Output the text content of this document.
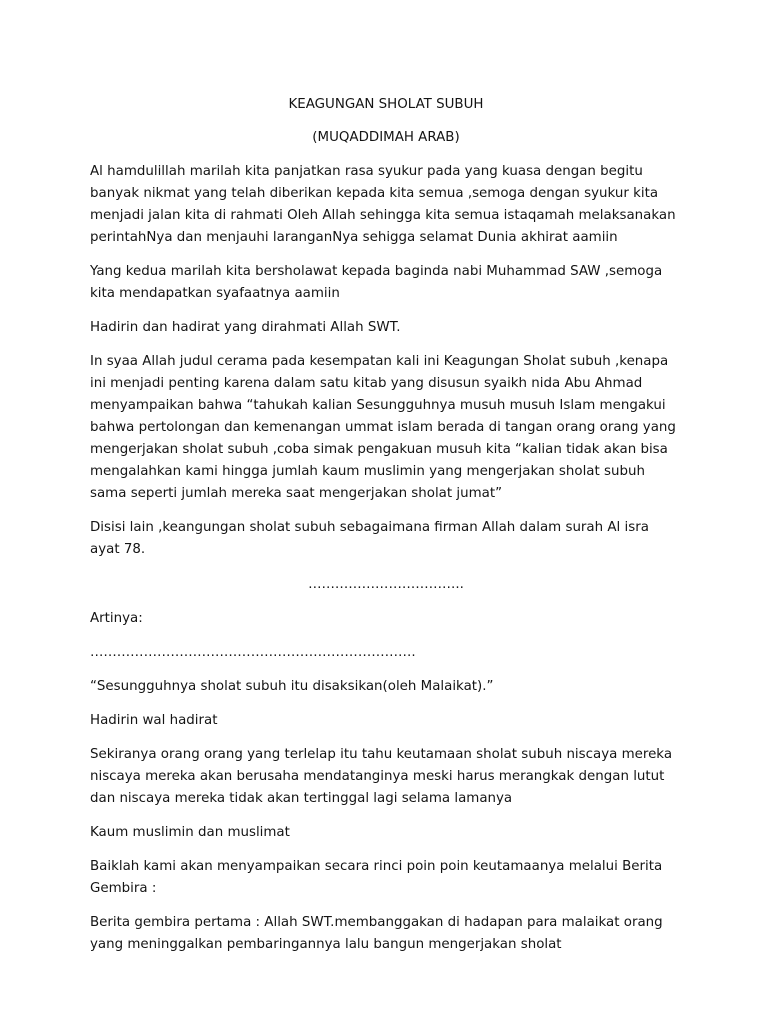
KEAGUNGAN SHOLAT SUBUH

(MUQADDIMAH ARAB)

Al hamdulillah marilah kita panjatkan rasa syukur pada yang kuasa dengan begitu banyak nikmat yang telah diberikan kepada kita semua ,semoga dengan syukur kita menjadi jalan kita di rahmati Oleh Allah sehingga kita semua istaqamah melaksanakan perintahNya dan menjauhi laranganNya sehigga selamat Dunia akhirat aamiin

Yang kedua marilah kita bersholawat kepada baginda nabi Muhammad SAW ,semoga kita mendapatkan syafaatnya aamiin

Hadirin dan hadirat yang dirahmati Allah SWT.

In syaa Allah judul cerama pada kesempatan kali ini Keagungan Sholat subuh ,kenapa ini menjadi penting karena dalam satu kitab yang disusun syaikh nida Abu Ahmad menyampaikan bahwa “tahukah kalian Sesungguhnya musuh musuh Islam mengakui bahwa pertolongan dan kemenangan ummat islam berada di tangan orang orang yang mengerjakan sholat subuh ,coba simak pengakuan musuh kita “kalian tidak akan bisa mengalahkan kami hingga jumlah kaum muslimin yang mengerjakan sholat subuh sama seperti jumlah mereka saat mengerjakan sholat jumat”

Disisi lain ,keangungan sholat subuh sebagaimana firman Allah dalam surah Al isra ayat 78.

……………………………..

Artinya:

……………………………………………………………….

“Sesungguhnya sholat subuh itu disaksikan(oleh Malaikat).”

Hadirin wal hadirat

Sekiranya orang orang yang terlelap itu tahu keutamaan sholat subuh niscaya mereka niscaya mereka akan berusaha mendatanginya meski harus merangkak dengan lutut dan niscaya mereka tidak akan tertinggal lagi selama lamanya

Kaum muslimin dan muslimat

Baiklah kami akan menyampaikan secara rinci poin poin keutamaanya melalui Berita Gembira :

Berita gembira pertama : Allah SWT.membanggakan di hadapan para malaikat orang yang meninggalkan pembaringannya lalu bangun mengerjakan sholat
